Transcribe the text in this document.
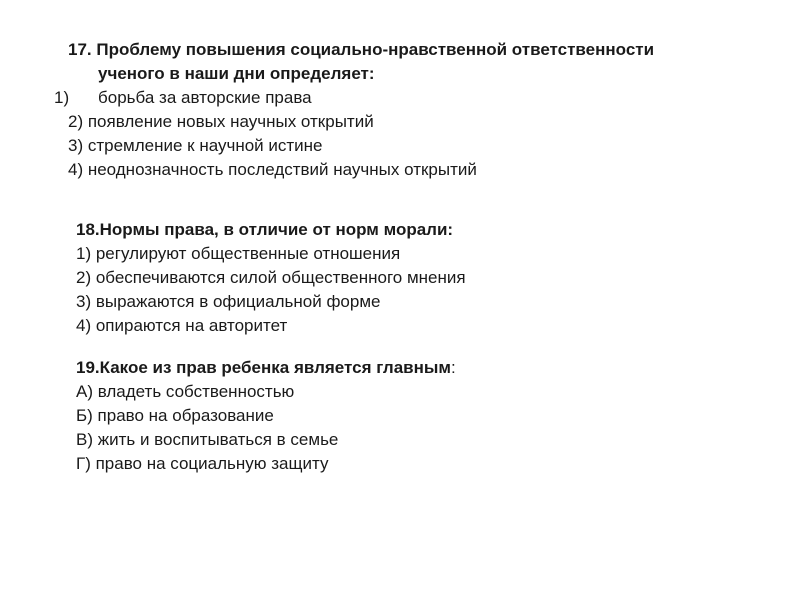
17. Проблему повышения социально-нравственной ответственности
ученого в наши дни определяет:
1) борьба за авторские права
2) появление новых научных открытий
3) стремление к научной истине
4) неоднозначность последствий научных открытий
18.Нормы права, в отличие от норм морали:
1) регулируют общественные отношения
2) обеспечиваются силой общественного мнения
3) выражаются в официальной форме
4) опираются на авторитет
19.Какое из прав ребенка является главным:
А) владеть собственностью
Б) право на образование
В) жить и воспитываться в семье
Г) право на социальную защиту
